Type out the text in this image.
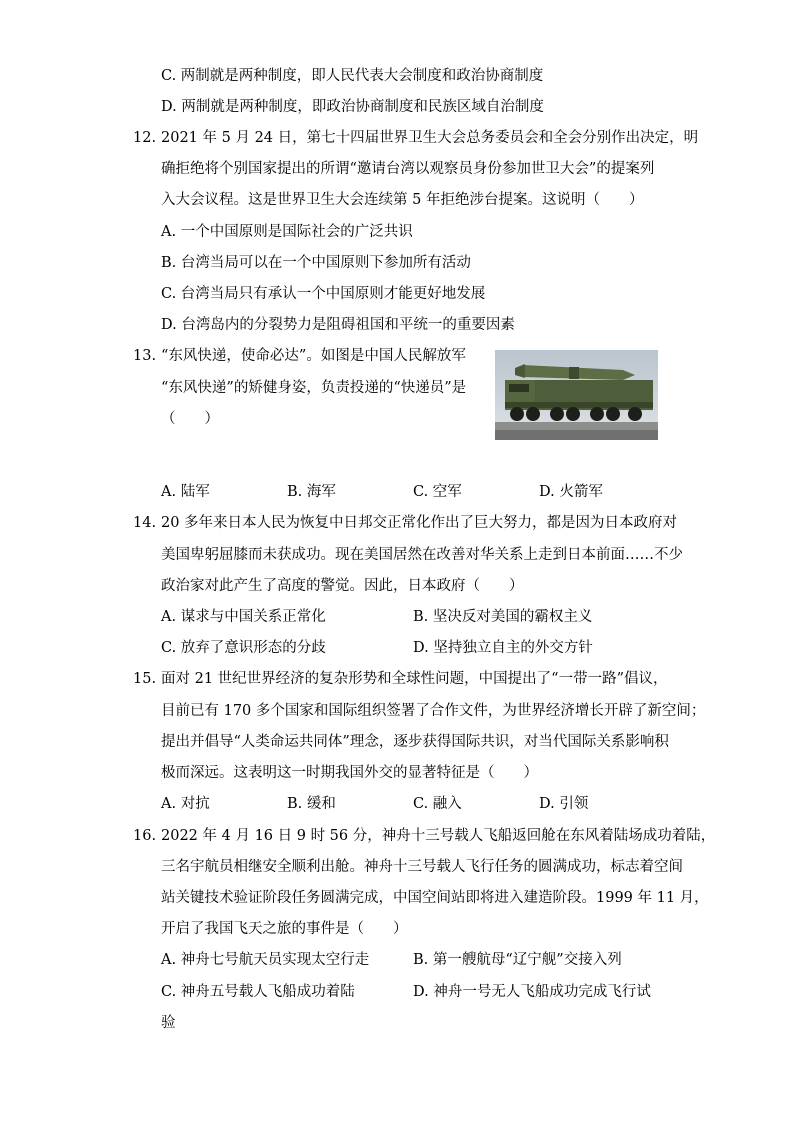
C. 两制就是两种制度，即人民代表大会制度和政治协商制度
D. 两制就是两种制度，即政治协商制度和民族区域自治制度
12. 2021 年 5 月 24 日，第七十四届世界卫生大会总务委员会和全会分别作出决定，明
确拒绝将个别国家提出的所谓“邀请台湾以观察员身份参加世卫大会”的提案列
入大会议程。这是世界卫生大会连续第 5 年拒绝涉台提案。这说明（　　）
A. 一个中国原则是国际社会的广泛共识
B. 台湾当局可以在一个中国原则下参加所有活动
C. 台湾当局只有承认一个中国原则才能更好地发展
D. 台湾岛内的分裂势力是阻碍祖国和平统一的重要因素
13. “东风快递，使命必达”。如图是中国人民解放军
“东风快递”的矫健身姿，负责投递的“快递员”是
（　　）
A. 陆军	B. 海军	C. 空军	D. 火箭军
14. 20 多年来日本人民为恢复中日邦交正常化作出了巨大努力，都是因为日本政府对
美国卑躬屈膝而未获成功。现在美国居然在改善对华关系上走到日本前面……不少
政治家对此产生了高度的警觉。因此，日本政府（　　）
A. 谋求与中国关系正常化	B. 坚决反对美国的霸权主义
C. 放弃了意识形态的分歧	D. 坚持独立自主的外交方针
15. 面对 21 世纪世界经济的复杂形势和全球性问题，中国提出了“一带一路”倡议，
目前已有 170 多个国家和国际组织签署了合作文件，为世界经济增长开辟了新空间；
提出并倡导“人类命运共同体”理念，逐步获得国际共识，对当代国际关系影响积
极而深远。这表明这一时期我国外交的显著特征是（　　）
A. 对抗	B. 缓和	C. 融入	D. 引领
16. 2022 年 4 月 16 日 9 时 56 分，神舟十三号载人飞船返回舱在东风着陆场成功着陆，
三名宇航员相继安全顺利出舱。神舟十三号载人飞行任务的圆满成功，标志着空间
站关键技术验证阶段任务圆满完成，中国空间站即将进入建造阶段。1999 年 11 月，
开启了我国飞天之旅的事件是（　　）
A. 神舟七号航天员实现太空行走	B. 第一艘航母“辽宁舰”交接入列
C. 神舟五号载人飞船成功着陆	D. 神舟一号无人飞船成功完成飞行试
验
